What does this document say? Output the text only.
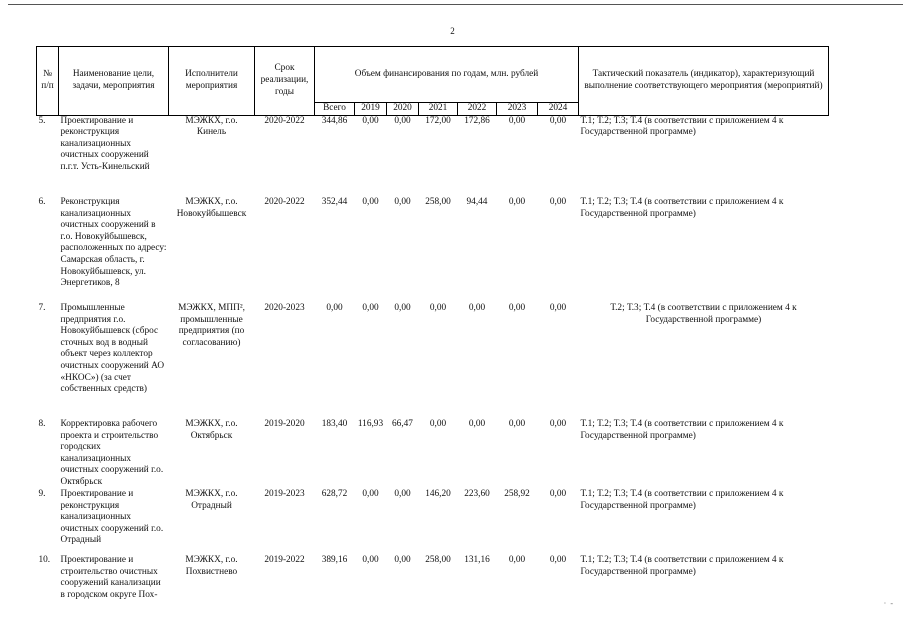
2
№ п/п	Наименование цели, задачи, мероприятия	Исполнители мероприятия	Срок реализации, годы	Объем финансирования по годам, млн. рублей							Тактический показатель (индикатор), характеризующий выполнение соответствующего мероприятия (мероприятий)
				Всего	2019	2020	2021	2022	2023	2024	
5.	Проектирование и реконструкция канализационных очистных сооружений п.г.т. Усть-Кинельский	МЭЖКХ, г.о. Кинель	2020-2022	344,86	0,00	0,00	172,00	172,86	0,00	0,00	Т.1; Т.2; Т.3; Т.4 (в соответствии с приложением 4 к Государственной программе)
6.	Реконструкция канализационных очистных сооружений в г.о. Новокуйбышевск, расположенных по адресу: Самарская область, г. Новокуйбышевск, ул. Энергетиков, 8	МЭЖКХ, г.о. Новокуйбышевск	2020-2022	352,44	0,00	0,00	258,00	94,44	0,00	0,00	Т.1; Т.2; Т.3; Т.4 (в соответствии с приложением 4 к Государственной программе)
7.	Промышленные предприятия г.о. Новокуйбышевск (сброс сточных вод в водный объект через коллектор очистных сооружений АО «НКОС») (за счет собственных средств)	МЭЖКХ, МПП², промышленные предприятия (по согласованию)	2020-2023	0,00	0,00	0,00	0,00	0,00	0,00	0,00	Т.2; Т.3; Т.4 (в соответствии с приложением 4 к Государственной программе)
8.	Корректировка рабочего проекта и строительство городских канализационных очистных сооружений г.о. Октябрьск	МЭЖКХ, г.о. Октябрьск	2019-2020	183,40	116,93	66,47	0,00	0,00	0,00	0,00	Т.1; Т.2; Т.3; Т.4 (в соответствии с приложением 4 к Государственной программе)
9.	Проектирование и реконструкция канализационных очистных сооружений г.о. Отрадный	МЭЖКХ, г.о. Отрадный	2019-2023	628,72	0,00	0,00	146,20	223,60	258,92	0,00	Т.1; Т.2; Т.3; Т.4 (в соответствии с приложением 4 к Государственной программе)
10.	Проектирование и строительство очистных сооружений канализации в городском округе Пох-	МЭЖКХ, г.о. Похвистнево	2019-2022	389,16	0,00	0,00	258,00	131,16	0,00	0,00	Т.1; Т.2; Т.3; Т.4 (в соответствии с приложением 4 к Государственной программе)
·  -
